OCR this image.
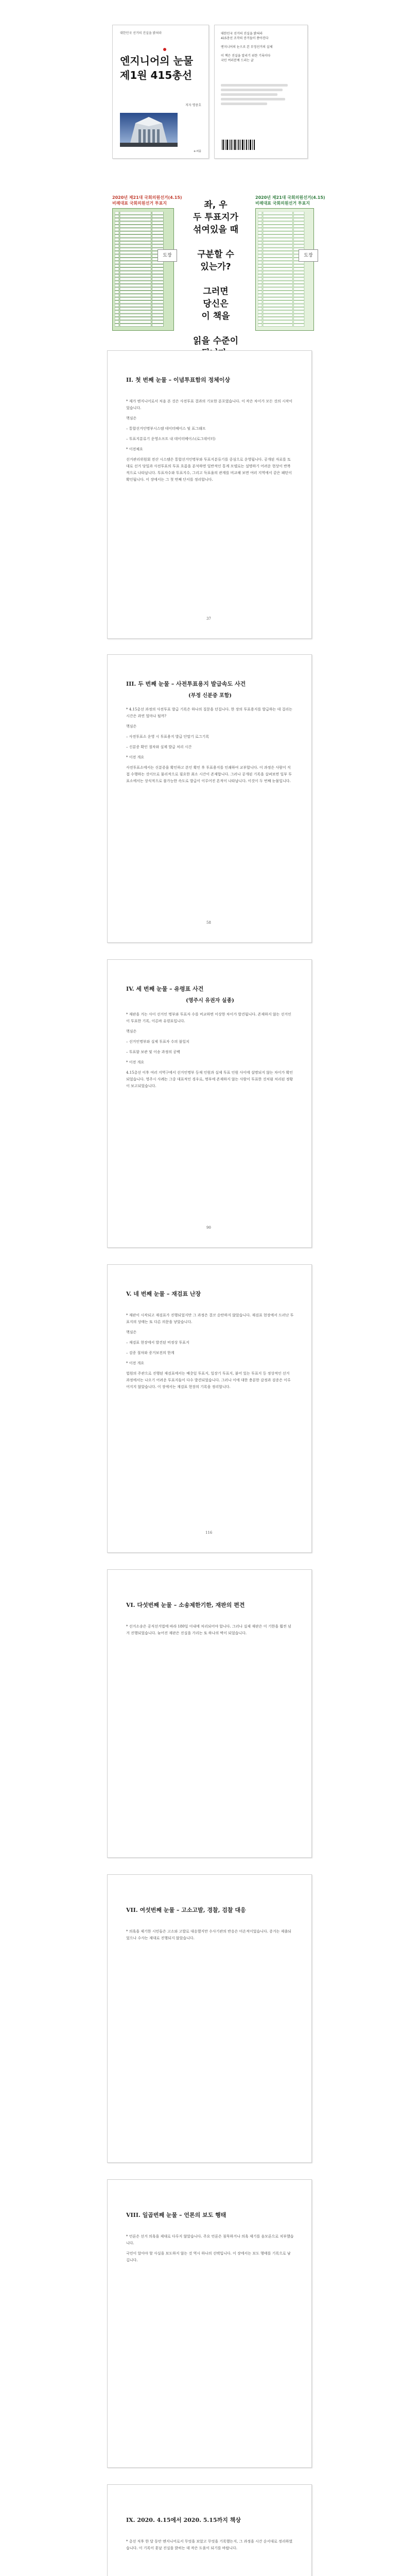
대한민국 선거의 진실을 밝혀라
엔지니어의 눈물
제1원 415총선
저자 명중호
e-퍼플
대한민국 선거의 진실을 밝혀라
415총선 조작의 증거들이 쏟아진다
엔지니어의 눈으로 본 부정선거의 실체
이 책은 진실을 알리기 위한 기록이다
국민 여러분께 드리는 글
2020년 제21대 국회의원선거(4.15)
비례대표 국회의원선거 투표지
도장
좌, 우
두 투표지가
섞여있을 때

구분할 수
있는가?

그러면
당신은
이 책을

읽을 수준이

2020년 제21대 국회의원선거(4.15)
비례대표 국회의원선거 투표지
도장
II. 첫 번째 눈물 – 이념투표함의 정체이상

* 제가 엔지니어로서 처음 본 것은 사전투표 결과의 기묘한 분포였습니다. 이 작은 차이가 모든 것의 시작이었습니다.

핵심은

– 통합선거인명부시스템 데이터베이스 및 표그래프

– 투표지분류기 운영소프트 내 데이터베이스(로그데이터)

* 이전체요

선거관리위원회 전산 시스템은 통합선거인명부와 투표지분류기를 중심으로 운영됩니다. 공개된 자료를 토대로 선거 당일과 사전투표의 투표 흐름을 분석하면 일반적인 통계 모델로는 설명하기 어려운 현상이 반복적으로 나타납니다. 투표자수와 투표지수, 그리고 득표율의 관계를 비교해 보면 여러 지역에서 같은 패턴이 확인됩니다. 이 장에서는 그 첫 번째 단서를 정리합니다.

37
III. 두 번째 눈물 – 사전투표용지 발급속도 사건
(부정 신분증 포함)

* 4.15총선 과정의 사전투표 발급 기록은 하나의 질문을 던집니다. 한 장의 투표용지를 발급하는 데 걸리는 시간은 과연 얼마나 될까?

핵심은

– 사전투표소 운영 시 투표용지 발급 단말기 로그기록

– 신분증 확인 절차와 실제 발급 처리 시간

* 이전 개요

사전투표소에서는 신분증을 확인하고 본인 확인 후 투표용지를 인쇄하여 교부합니다. 이 과정은 사람이 직접 수행하는 것이므로 물리적으로 필요한 최소 시간이 존재합니다. 그러나 공개된 기록을 살펴보면 일부 투표소에서는 상식적으로 불가능한 속도로 발급이 이루어진 흔적이 나타납니다. 이것이 두 번째 눈물입니다.

58
IV. 세 번째 눈물 – 유령표 사건
(영주시 유권자 실종)

* 재판을 거는 사이 선거인 명부와 투표자 수를 비교하면 이상한 차이가 발견됩니다. 존재하지 않는 선거인이 투표한 기록, 이른바 유령표입니다.

핵심은

– 선거인명부와 실제 투표자 수의 불일치

– 투표함 보관 및 이송 과정의 공백

* 이전 개요

4.15총선 이후 여러 지역구에서 선거인명부 등재 인원과 실제 투표 인원 사이에 설명되지 않는 차이가 확인되었습니다. 영주시 사례는 그중 대표적인 경우로, 명부에 존재하지 않는 사람이 투표한 것처럼 처리된 정황이 보고되었습니다.

90
V. 네 번째 눈물 – 재검표 난장

* 재판이 시작되고 재검표가 진행되었지만 그 과정은 결코 순탄하지 않았습니다. 재검표 현장에서 드러난 투표지의 상태는 또 다른 의문을 낳았습니다.

핵심은

– 재검표 현장에서 발견된 비정상 투표지

– 검증 절차와 증거보전의 한계

* 이전 개요

법원의 주관으로 진행된 재검표에서는 배춧잎 투표지, 일장기 투표지, 붙어 있는 투표지 등 정상적인 선거 과정에서는 나오기 어려운 투표지들이 다수 발견되었습니다. 그러나 이에 대한 충분한 감정과 검증은 이루어지지 않았습니다. 이 장에서는 재검표 현장의 기록을 정리합니다.

116
VI. 다섯번째 눈물 – 소송제한기한, 재판의 편견

* 선거소송은 공직선거법에 따라 180일 이내에 처리되어야 합니다. 그러나 실제 재판은 이 기한을 훨씬 넘겨 진행되었습니다. 늦어진 재판은 진실을 가리는 또 하나의 벽이 되었습니다.

VII. 여섯번째 눈물 – 고소고발, 경찰, 검찰 대응

* 의혹을 제기한 시민들은 고소와 고발로 대응했지만 수사기관의 반응은 미온적이었습니다. 증거는 제출되었으나 수사는 제대로 진행되지 않았습니다.

VIII. 일곱번째 눈물 – 언론의 보도 행태

* 언론은 선거 의혹을 제대로 다루지 않았습니다. 주요 언론은 침묵하거나 의혹 제기를 음모론으로 치부했습니다.

국민이 알아야 할 사실을 보도하지 않는 것 역시 하나의 선택입니다. 이 장에서는 보도 행태를 기록으로 남깁니다.

IX. 2020. 4.15에서 2020. 5.15까지 책상

* 총선 직후 한 달 동안 엔지니어로서 무엇을 보았고 무엇을 기록했는지, 그 과정을 시간 순서대로 정리하였습니다. 이 기록이 훗날 진실을 밝히는 데 작은 도움이 되기를 바랍니다.
